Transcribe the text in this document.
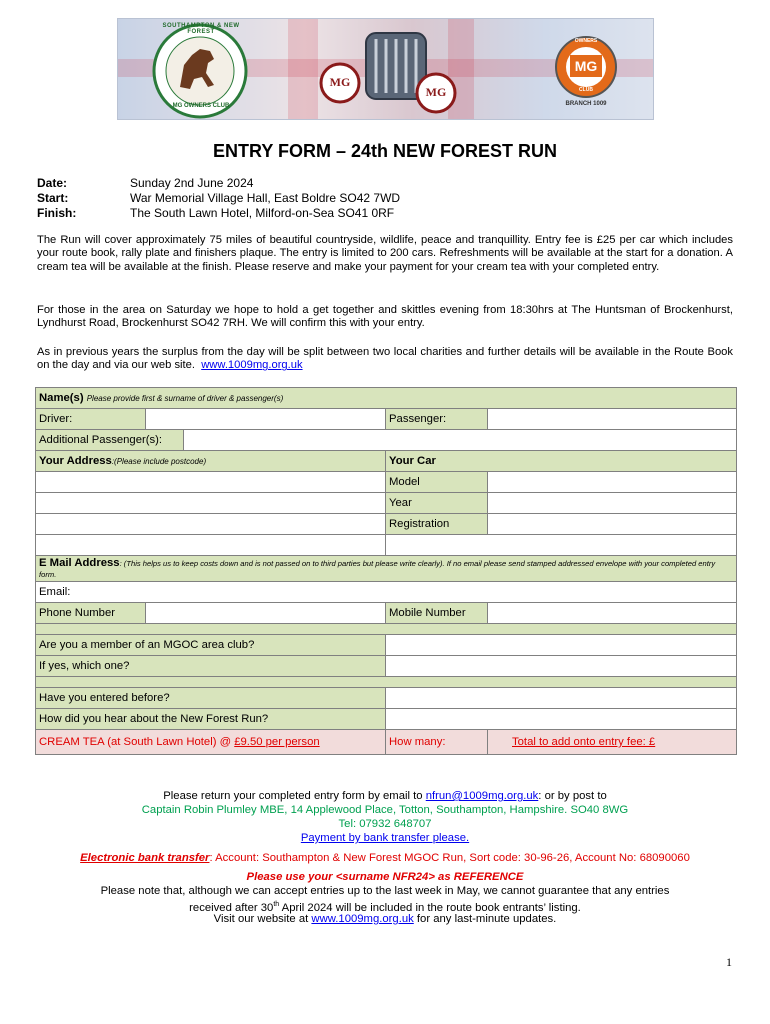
SOUTHAMPTON & NEW FOREST
MG OWNERS CLUB
MG
MG
OWNERS
MG
CLUB
BRANCH 1009
ENTRY FORM – 24th NEW FOREST RUN
Date:	Sunday 2nd June 2024
Start:	War Memorial Village Hall, East Boldre SO42 7WD
Finish:	The South Lawn Hotel, Milford-on-Sea SO41 0RF
The Run will cover approximately 75 miles of beautiful countryside, wildlife, peace and tranquillity. Entry fee is £25 per car which includes your route book, rally plate and finishers plaque. The entry is limited to 200 cars. Refreshments will be available at the start for a donation. A cream tea will be available at the finish. Please reserve and make your payment for your cream tea with your completed entry.
For those in the area on Saturday we hope to hold a get together and skittles evening from 18:30hrs at The Huntsman of Brockenhurst, Lyndhurst Road, Brockenhurst SO42 7RH. We will confirm this with your entry.
As in previous years the surplus from the day will be split between two local charities and further details will be available in the Route Book on the day and via our web site. www.1009mg.org.uk
Name(s) Please provide first & surname of driver & passenger(s)				
Driver:			Passenger:	
Additional Passenger(s):				
Your Address:(Please include postcode)			Your Car	
			Model	
			Year	
			Registration	

E Mail Address: (This helps us to keep costs down and is not passed on to third parties but please write clearly). If no email please send stamped addressed envelope with your completed entry form.				
Email:				
Phone Number			Mobile Number	

Are you a member of an MGOC area club?				
If yes, which one?				

Have you entered before?				
How did you hear about the New Forest Run?				
CREAM TEA (at South Lawn Hotel) @ £9.50 per person			How many:	Total to add onto entry fee: £
Please return your completed entry form by email to nfrun@1009mg.org.uk: or by post to
Captain Robin Plumley MBE, 14 Applewood Place, Totton, Southampton, Hampshire. SO40 8WG
Tel: 07932 648707
Payment by bank transfer please.
Electronic bank transfer: Account: Southampton & New Forest MGOC Run, Sort code: 30-96-26, Account No: 68090060
Please use your <surname NFR24> as REFERENCE
Please note that, although we can accept entries up to the last week in May, we cannot guarantee that any entries
received after 30th April 2024 will be included in the route book entrants’ listing.
Visit our website at www.1009mg.org.uk for any last-minute updates.
1
